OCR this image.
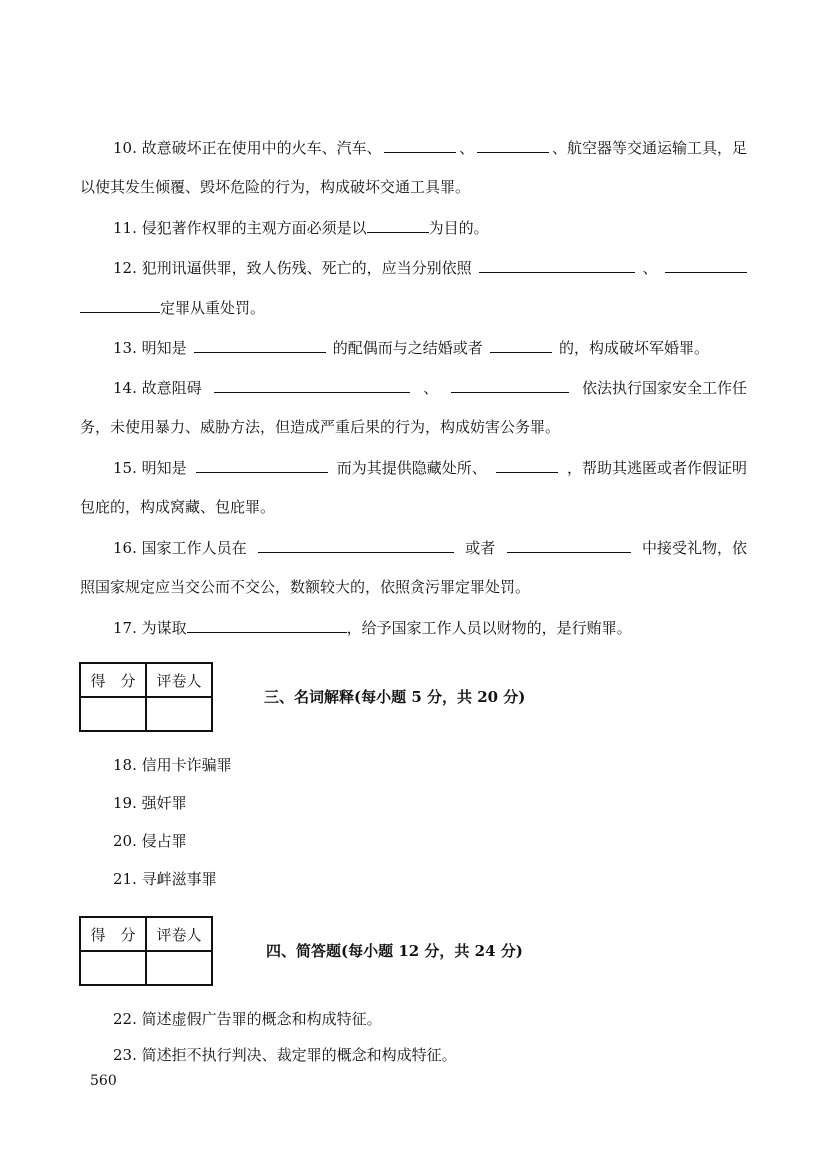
10. 故意破坏正在使用中的火车、汽车、	、	、航空器等交通运输工具，足
以使其发生倾覆、毁坏危险的行为，构成破坏交通工具罪。
11. 侵犯著作权罪的主观方面必须是以	为目的。
12. 犯刑讯逼供罪，致人伤残、死亡的，应当分别依照	、
定罪从重处罚。
13. 明知是	的配偶而与之结婚或者	的，构成破坏军婚罪。
14. 故意阻碍	、	依法执行国家安全工作任
务，未使用暴力、威胁方法，但造成严重后果的行为，构成妨害公务罪。
15. 明知是	而为其提供隐藏处所、	，帮助其逃匿或者作假证明
包庇的，构成窝藏、包庇罪。
16. 国家工作人员在	或者	中接受礼物，依
照国家规定应当交公而不交公，数额较大的，依照贪污罪定罪处罚。
17. 为谋取	，给予国家工作人员以财物的，是行贿罪。
得　分	评卷人

三、名词解释(每小题 5 分，共 20 分)
18. 信用卡诈骗罪
19. 强奸罪
20. 侵占罪
21. 寻衅滋事罪
得　分	评卷人

四、简答题(每小题 12 分，共 24 分)
22. 简述虚假广告罪的概念和构成特征。
23. 简述拒不执行判决、裁定罪的概念和构成特征。
560
